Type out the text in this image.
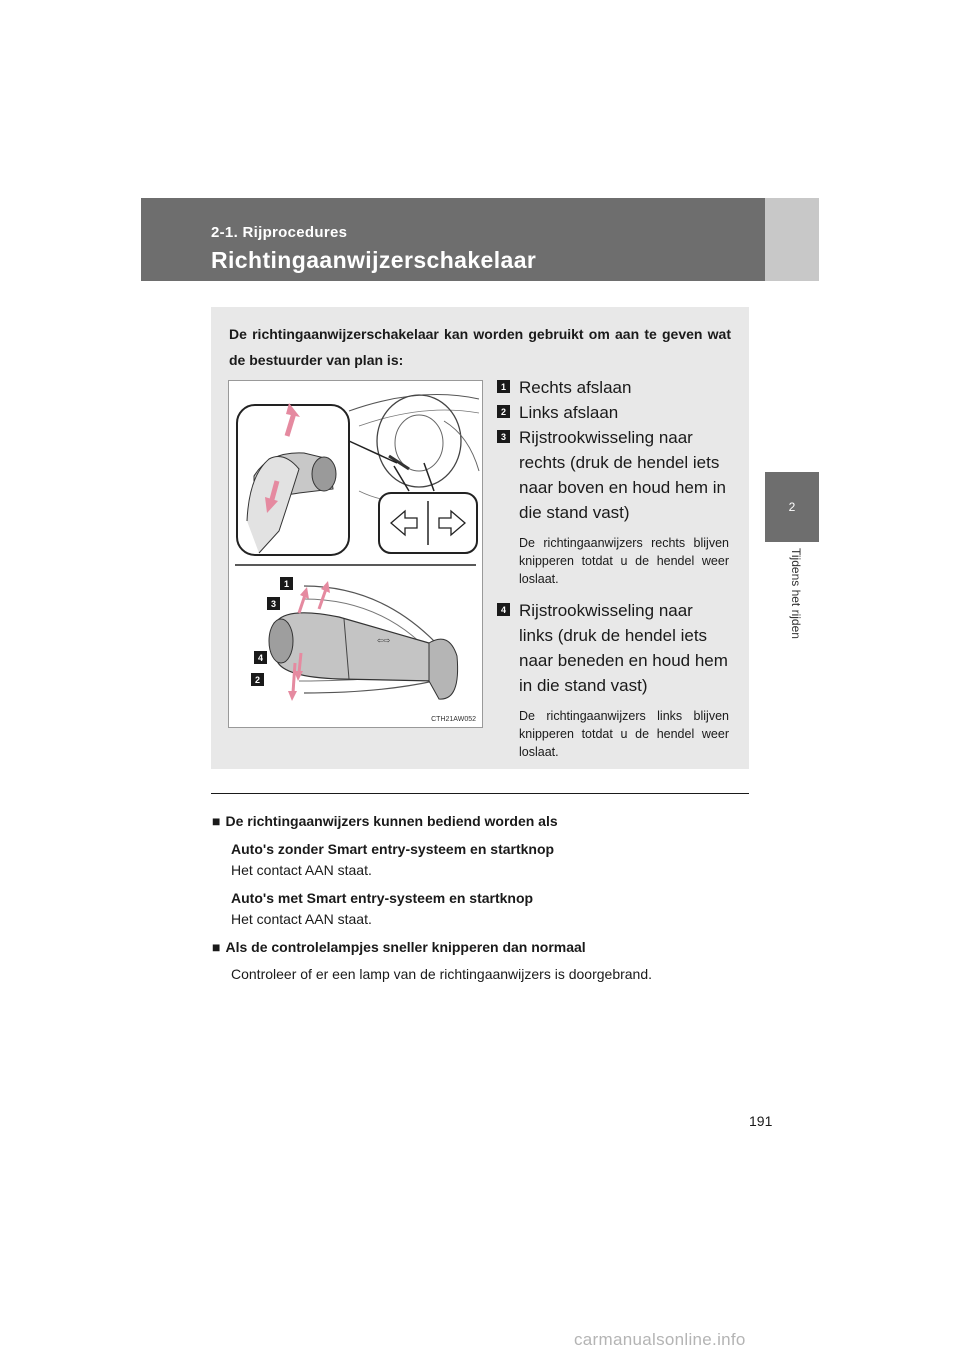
2-1. Rijprocedures
Richtingaanwijzerschakelaar
2
Tijdens het rijden
De richtingaanwijzerschakelaar kan worden gebruikt om aan te geven wat de bestuurder van plan is:
⇦⇨
1
3
4
2
CTH21AW052
1 Rechts afslaan
2 Links afslaan
3 Rijstrookwisseling naar rechts (druk de hendel iets naar boven en houd hem in die stand vast)
De richtingaanwijzers rechts blijven knipperen totdat u de hendel weer loslaat.
4 Rijstrookwisseling naar links (druk de hendel iets naar beneden en houd hem in die stand vast)
De richtingaanwijzers links blijven knipperen totdat u de hendel weer loslaat.
■ De richtingaanwijzers kunnen bediend worden als
Auto's zonder Smart entry-systeem en startknop
Het contact AAN staat.
Auto's met Smart entry-systeem en startknop
Het contact AAN staat.
■ Als de controlelampjes sneller knipperen dan normaal
Controleer of er een lamp van de richtingaanwijzers is doorgebrand.
191
carmanualsonline.info
